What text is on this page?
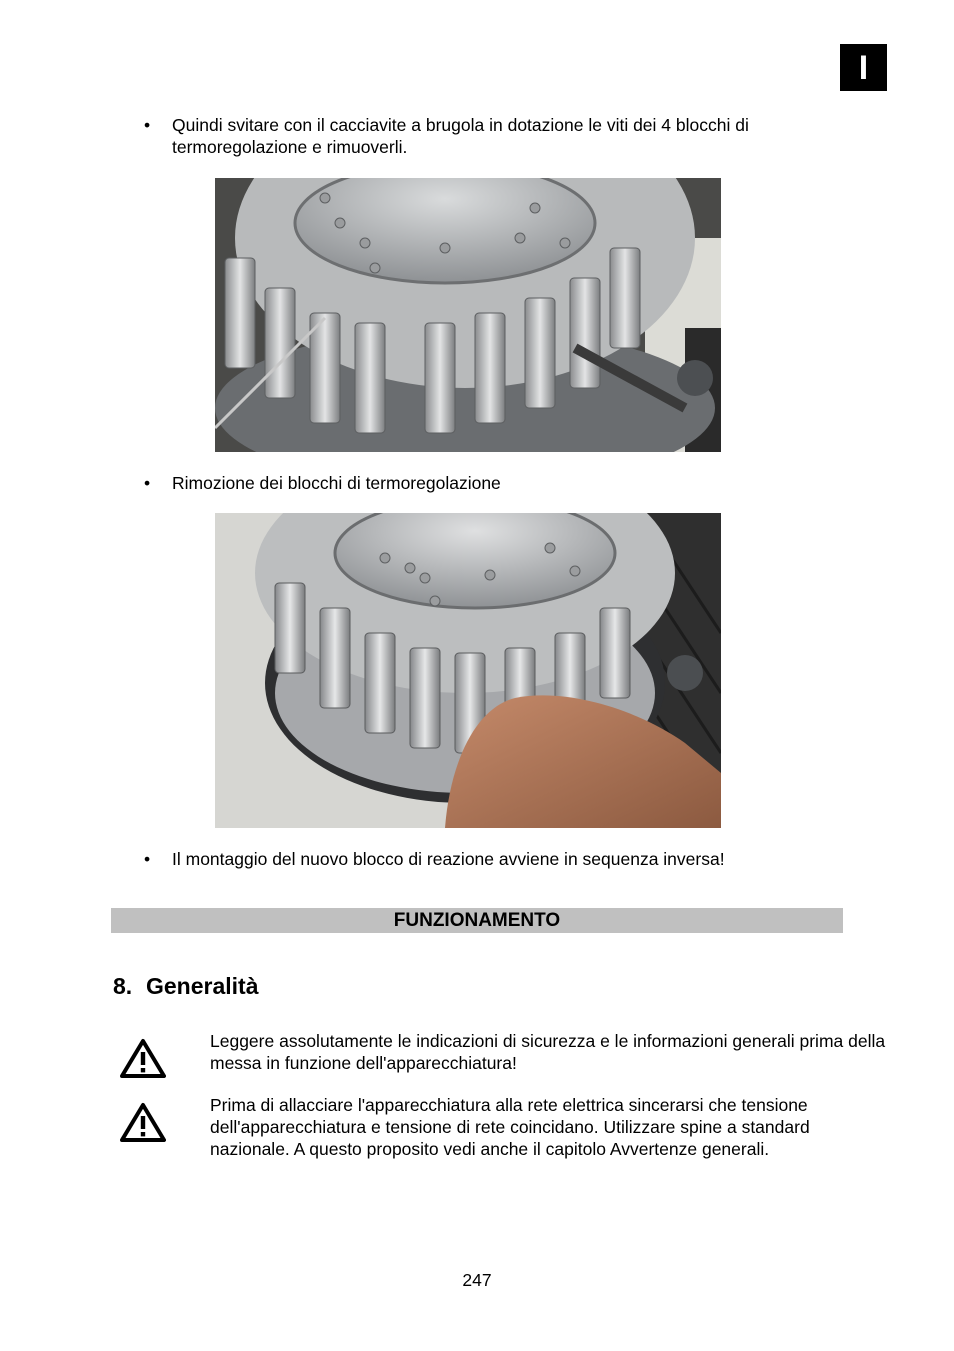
I
• Quindi svitare con il cacciavite a brugola in dotazione le viti dei 4 blocchi di termoregolazione e rimuoverli.
• Rimozione dei blocchi di termoregolazione
• Il montaggio del nuovo blocco di reazione avviene in sequenza inversa!
FUNZIONAMENTO
8. Generalità
Leggere assolutamente le indicazioni di sicurezza e le informazioni generali prima della messa in funzione dell'apparecchiatura!
Prima di allacciare l'apparecchiatura alla rete elettrica sincerarsi che tensione dell'apparecchiatura e tensione di rete coincidano. Utilizzare spine a standard nazionale. A questo proposito vedi anche il capitolo Avvertenze generali.
247
